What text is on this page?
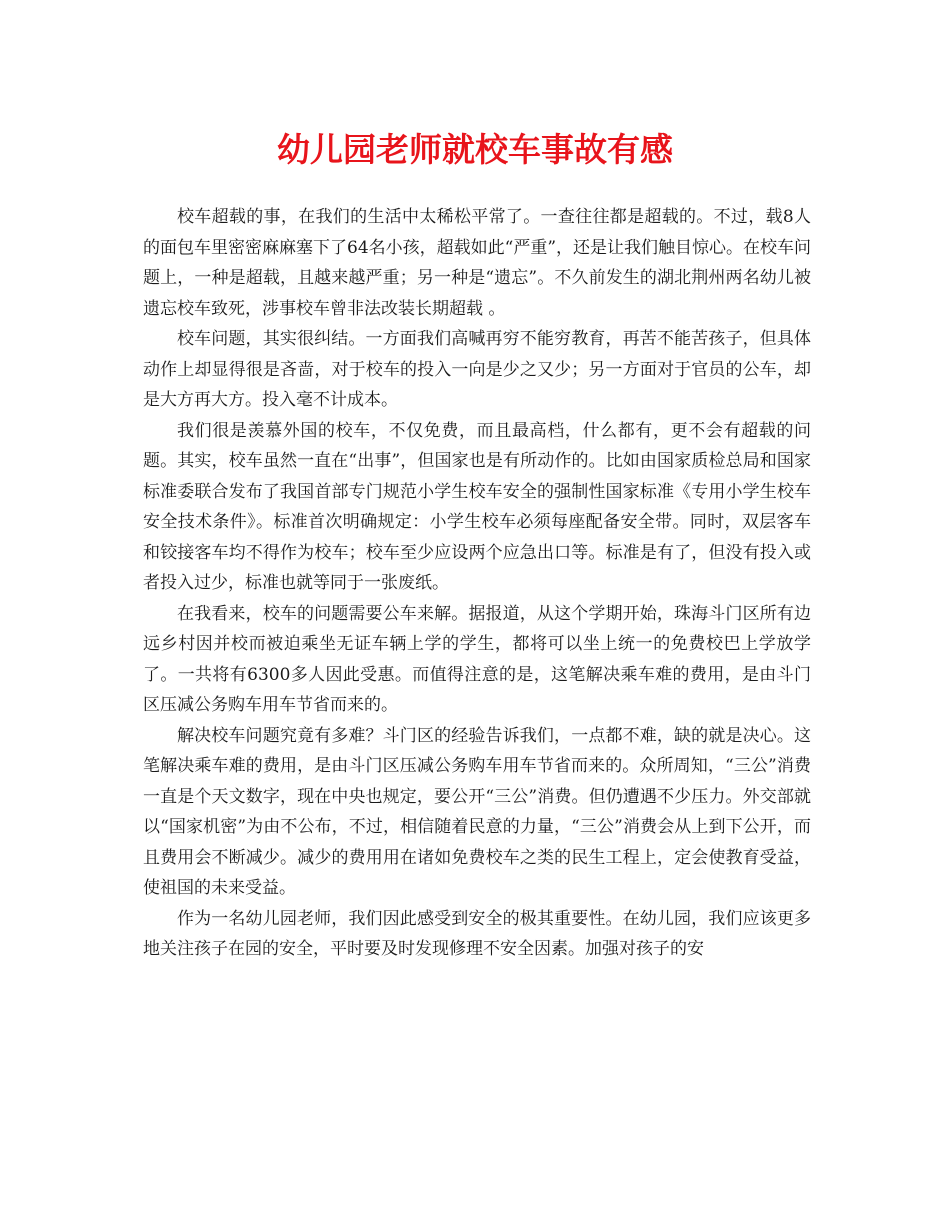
幼儿园老师就校车事故有感

校车超载的事，在我们的生活中太稀松平常了。一查往往都是超载的。不过，载8人的面包车里密密麻麻塞下了64名小孩，超载如此“严重”，还是让我们触目惊心。在校车问题上，一种是超载，且越来越严重；另一种是“遗忘”。不久前发生的湖北荆州两名幼儿被遗忘校车致死，涉事校车曾非法改装长期超载 。

校车问题，其实很纠结。一方面我们高喊再穷不能穷教育，再苦不能苦孩子，但具体动作上却显得很是吝啬，对于校车的投入一向是少之又少；另一方面对于官员的公车，却是大方再大方。投入毫不计成本。

我们很是羡慕外国的校车，不仅免费，而且最高档，什么都有，更不会有超载的问题。其实，校车虽然一直在“出事”，但国家也是有所动作的。比如由国家质检总局和国家标准委联合发布了我国首部专门规范小学生校车安全的强制性国家标准《专用小学生校车安全技术条件》。标准首次明确规定：小学生校车必须每座配备安全带。同时，双层客车和铰接客车均不得作为校车；校车至少应设两个应急出口等。标准是有了，但没有投入或者投入过少，标准也就等同于一张废纸。

在我看来，校车的问题需要公车来解。据报道，从这个学期开始，珠海斗门区所有边远乡村因并校而被迫乘坐无证车辆上学的学生，都将可以坐上统一的免费校巴上学放学了。一共将有6300多人因此受惠。而值得注意的是，这笔解决乘车难的费用，是由斗门区压减公务购车用车节省而来的。

解决校车问题究竟有多难？斗门区的经验告诉我们，一点都不难，缺的就是决心。这笔解决乘车难的费用，是由斗门区压减公务购车用车节省而来的。众所周知，“三公”消费一直是个天文数字，现在中央也规定，要公开“三公”消费。但仍遭遇不少压力。外交部就以“国家机密”为由不公布，不过，相信随着民意的力量，“三公”消费会从上到下公开，而且费用会不断减少。减少的费用用在诸如免费校车之类的民生工程上，定会使教育受益，使祖国的未来受益。

作为一名幼儿园老师，我们因此感受到安全的极其重要性。在幼儿园，我们应该更多地关注孩子在园的安全，平时要及时发现修理不安全因素。加强对孩子的安
